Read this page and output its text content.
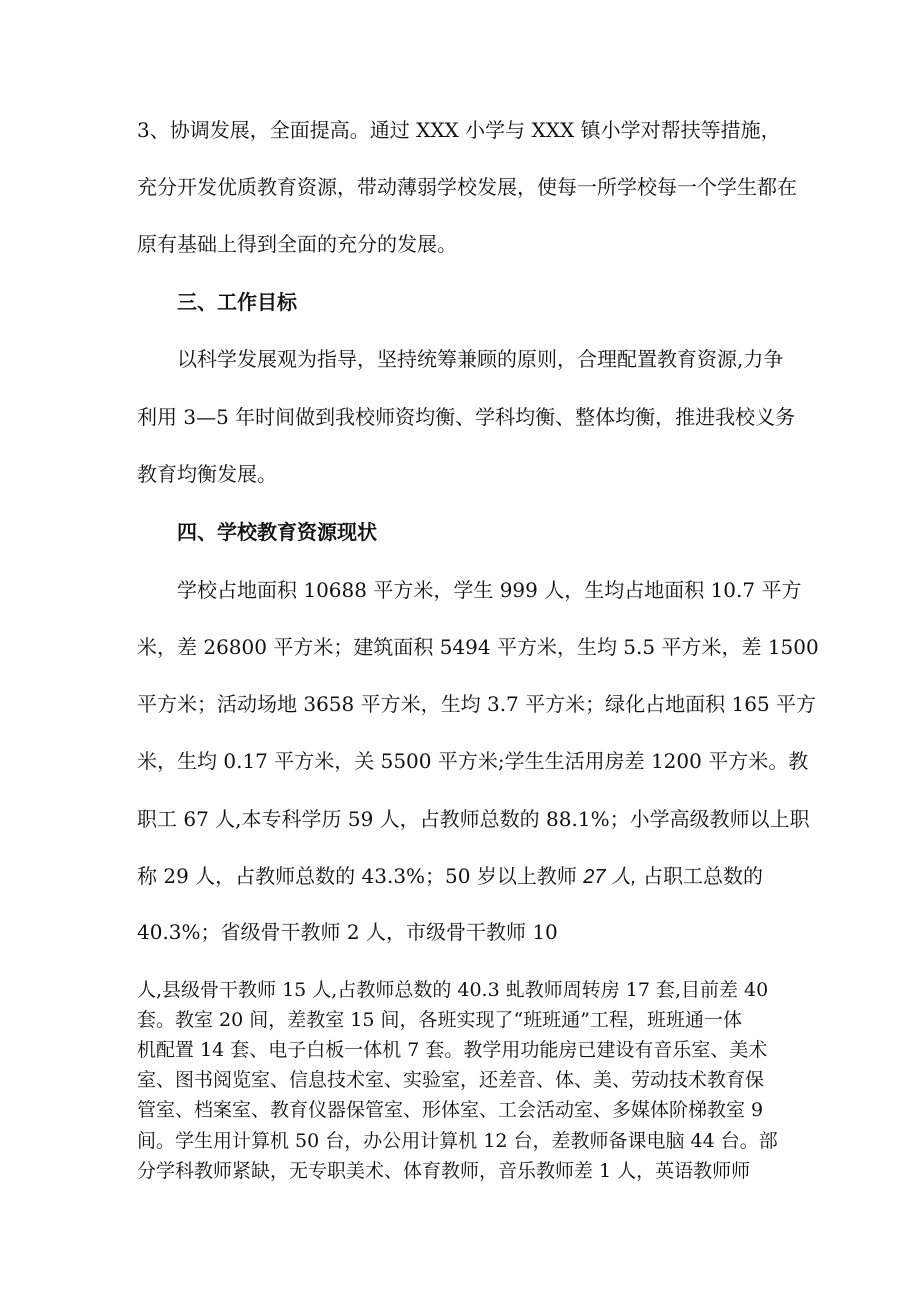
3、协调发展，全面提高。通过 XXX 小学与 XXX 镇小学对帮扶等措施，
充分开发优质教育资源，带动薄弱学校发展，使每一所学校每一个学生都在
原有基础上得到全面的充分的发展。
三、工作目标
以科学发展观为指导，坚持统筹兼顾的原则，合理配置教育资源,力争
利用 3—5 年时间做到我校师资均衡、学科均衡、整体均衡，推进我校义务
教育均衡发展。
四、学校教育资源现状
学校占地面积 10688 平方米，学生 999 人，生均占地面积 10.7 平方
米，差 26800 平方米；建筑面积 5494 平方米，生均 5.5 平方米，差 1500
平方米；活动场地 3658 平方米，生均 3.7 平方米；绿化占地面积 165 平方
米，生均 0.17 平方米，关 5500 平方米;学生生活用房差 1200 平方米。教
职工 67 人,本专科学历 59 人，占教师总数的 88.1%；小学高级教师以上职
称 29 人，占教师总数的 43.3%；50 岁以上教师 27 人, 占职工总数的
40.3%；省级骨干教师 2 人，市级骨干教师 10
人,县级骨干教师 15 人,占教师总数的 40.3 虬教师周转房 17 套,目前差 40
套。教室 20 间，差教室 15 间，各班实现了“班班通”工程，班班通一体
机配置 14 套、电子白板一体机 7 套。教学用功能房已建设有音乐室、美术
室、图书阅览室、信息技术室、实验室，还差音、体、美、劳动技术教育保
管室、档案室、教育仪器保管室、形体室、工会活动室、多媒体阶梯教室 9
间。学生用计算机 50 台，办公用计算机 12 台，差教师备课电脑 44 台。部
分学科教师紧缺，无专职美术、体育教师，音乐教师差 1 人，英语教师师
